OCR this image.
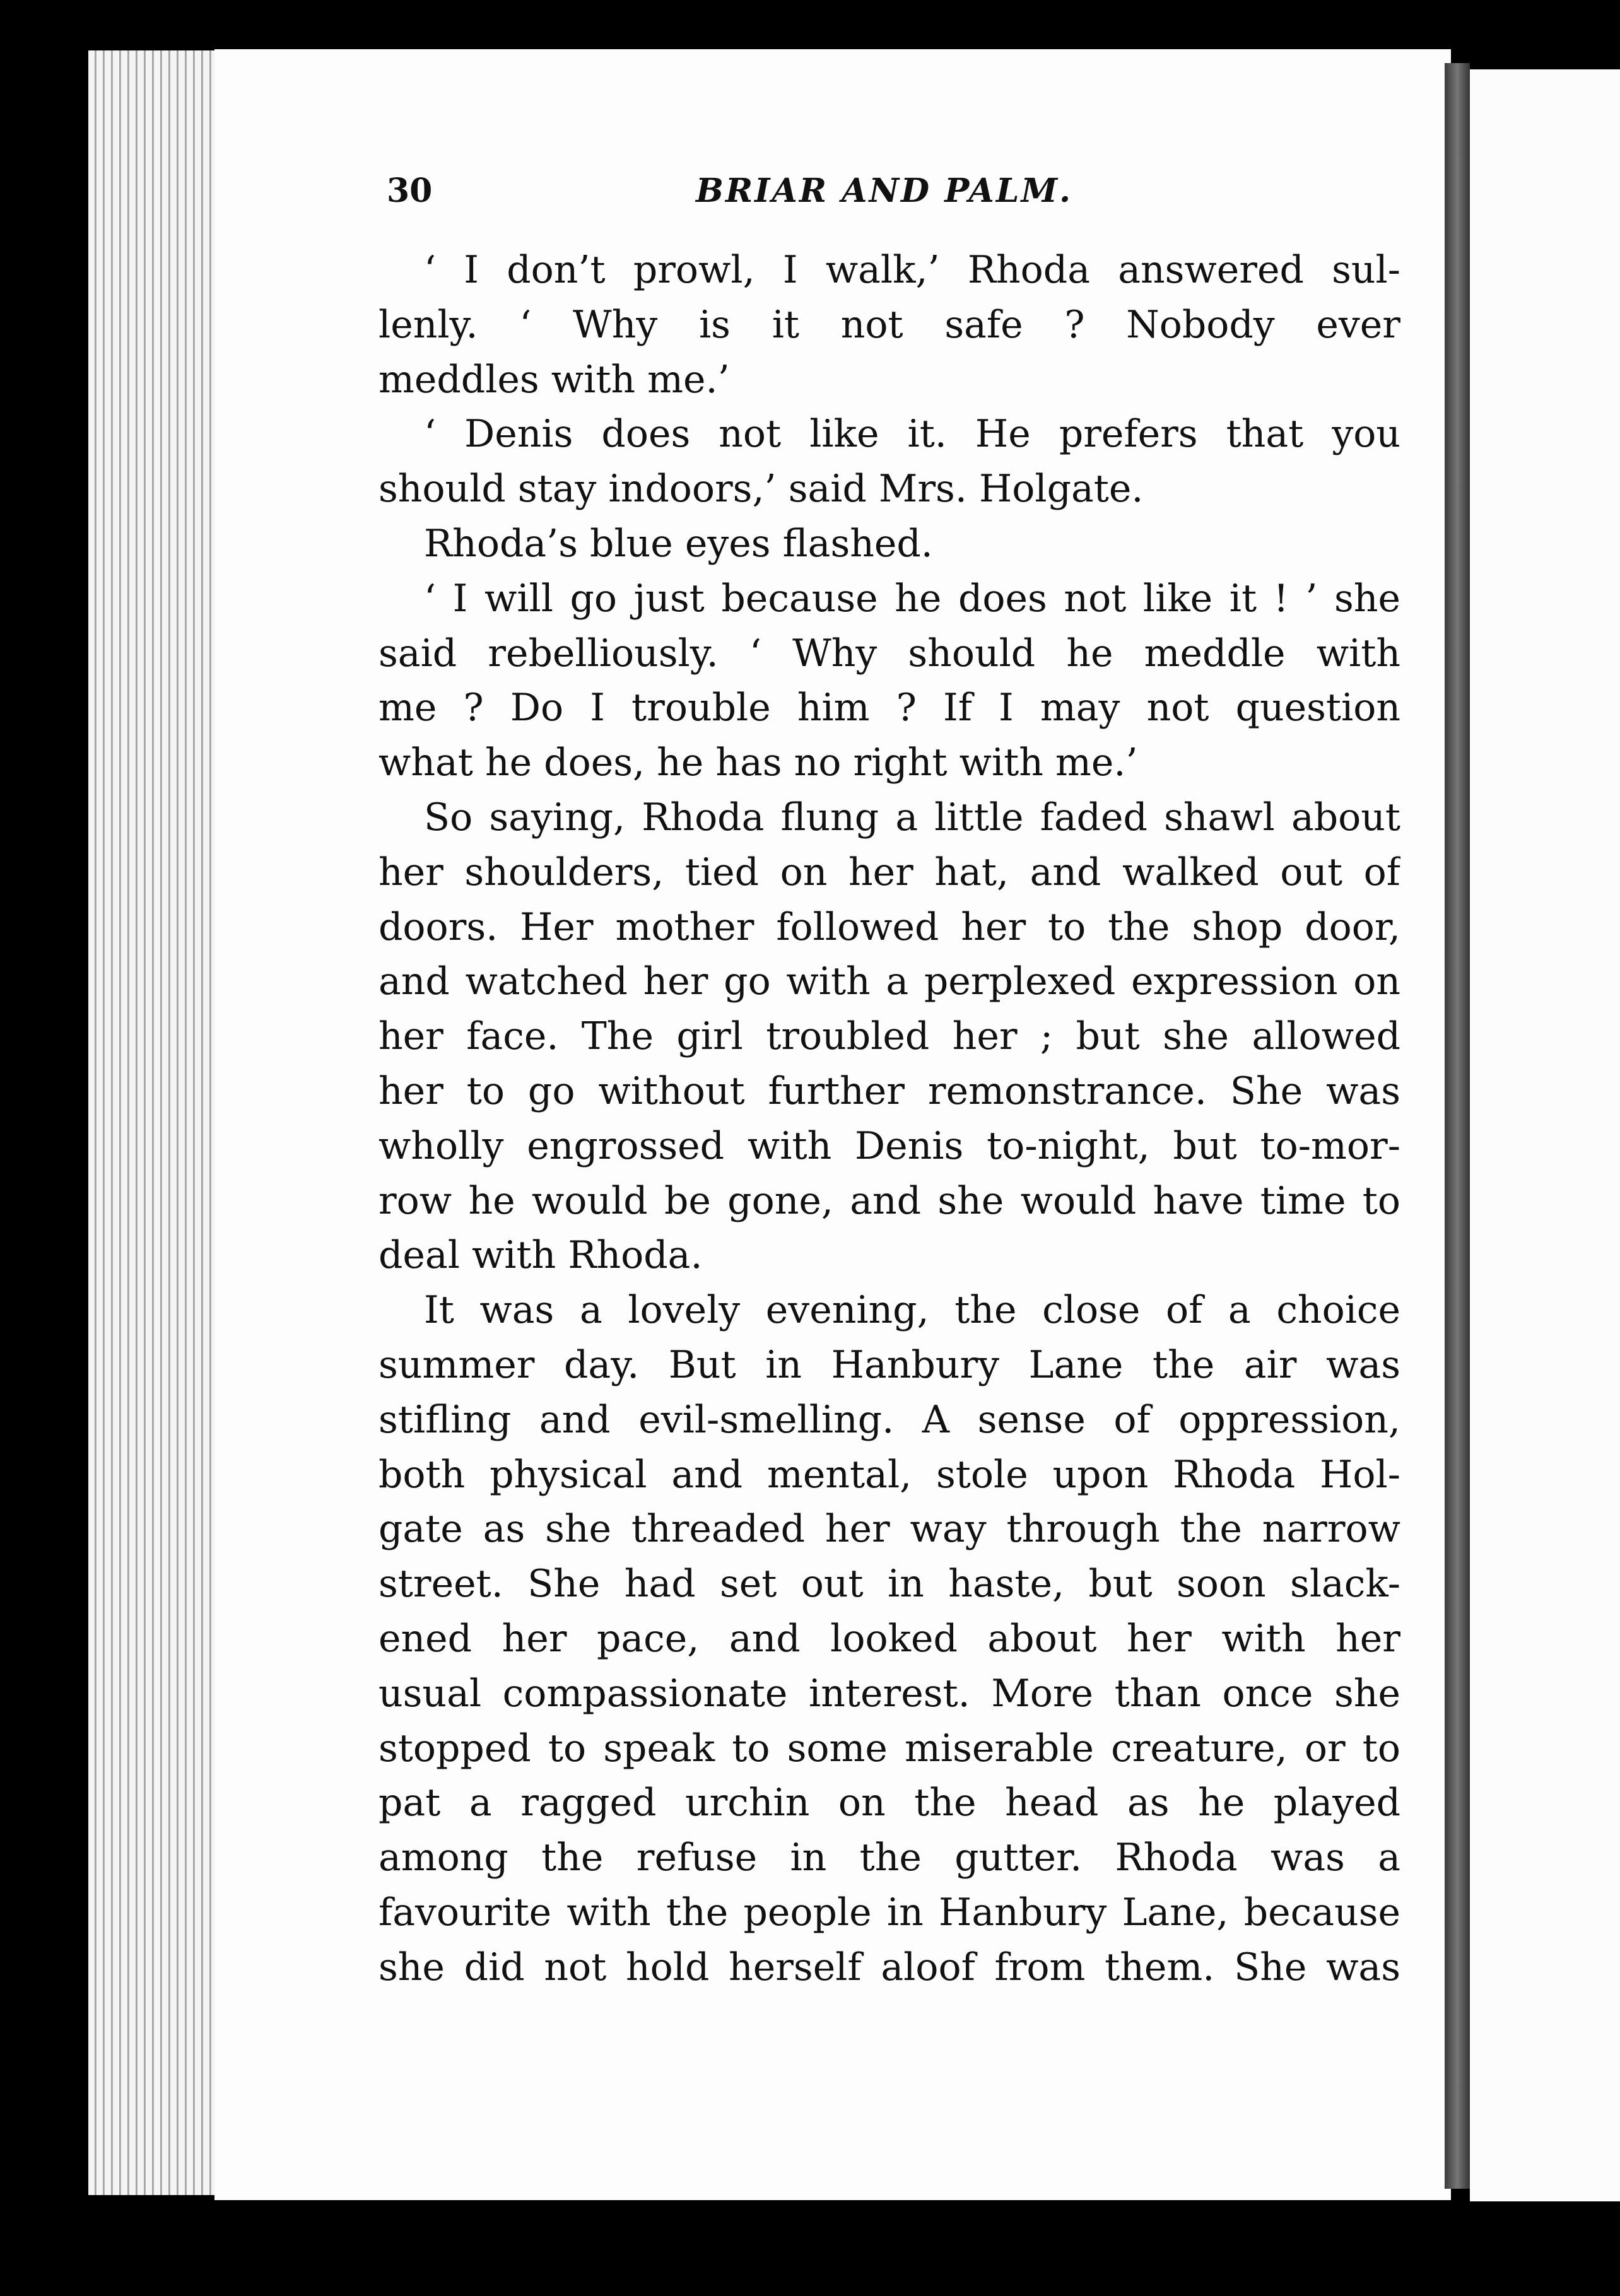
30	BRIAR AND PALM.
‘ I don’t prowl, I walk,’ Rhoda answered sul-
lenly. ‘ Why is it not safe ? Nobody ever
meddles with me.’
‘ Denis does not like it. He prefers that you
should stay indoors,’ said Mrs. Holgate.
Rhoda’s blue eyes flashed.
‘ I will go just because he does not like it ! ’ she
said rebelliously. ‘ Why should he meddle with
me ? Do I trouble him ? If I may not question
what he does, he has no right with me.’
So saying, Rhoda flung a little faded shawl about
her shoulders, tied on her hat, and walked out of
doors. Her mother followed her to the shop door,
and watched her go with a perplexed expression on
her face. The girl troubled her ; but she allowed
her to go without further remonstrance. She was
wholly engrossed with Denis to-night, but to-mor-
row he would be gone, and she would have time to
deal with Rhoda.
It was a lovely evening, the close of a choice
summer day. But in Hanbury Lane the air was
stifling and evil-smelling. A sense of oppression,
both physical and mental, stole upon Rhoda Hol-
gate as she threaded her way through the narrow
street. She had set out in haste, but soon slack-
ened her pace, and looked about her with her
usual compassionate interest. More than once she
stopped to speak to some miserable creature, or to
pat a ragged urchin on the head as he played
among the refuse in the gutter. Rhoda was a
favourite with the people in Hanbury Lane, because
she did not hold herself aloof from them. She was
